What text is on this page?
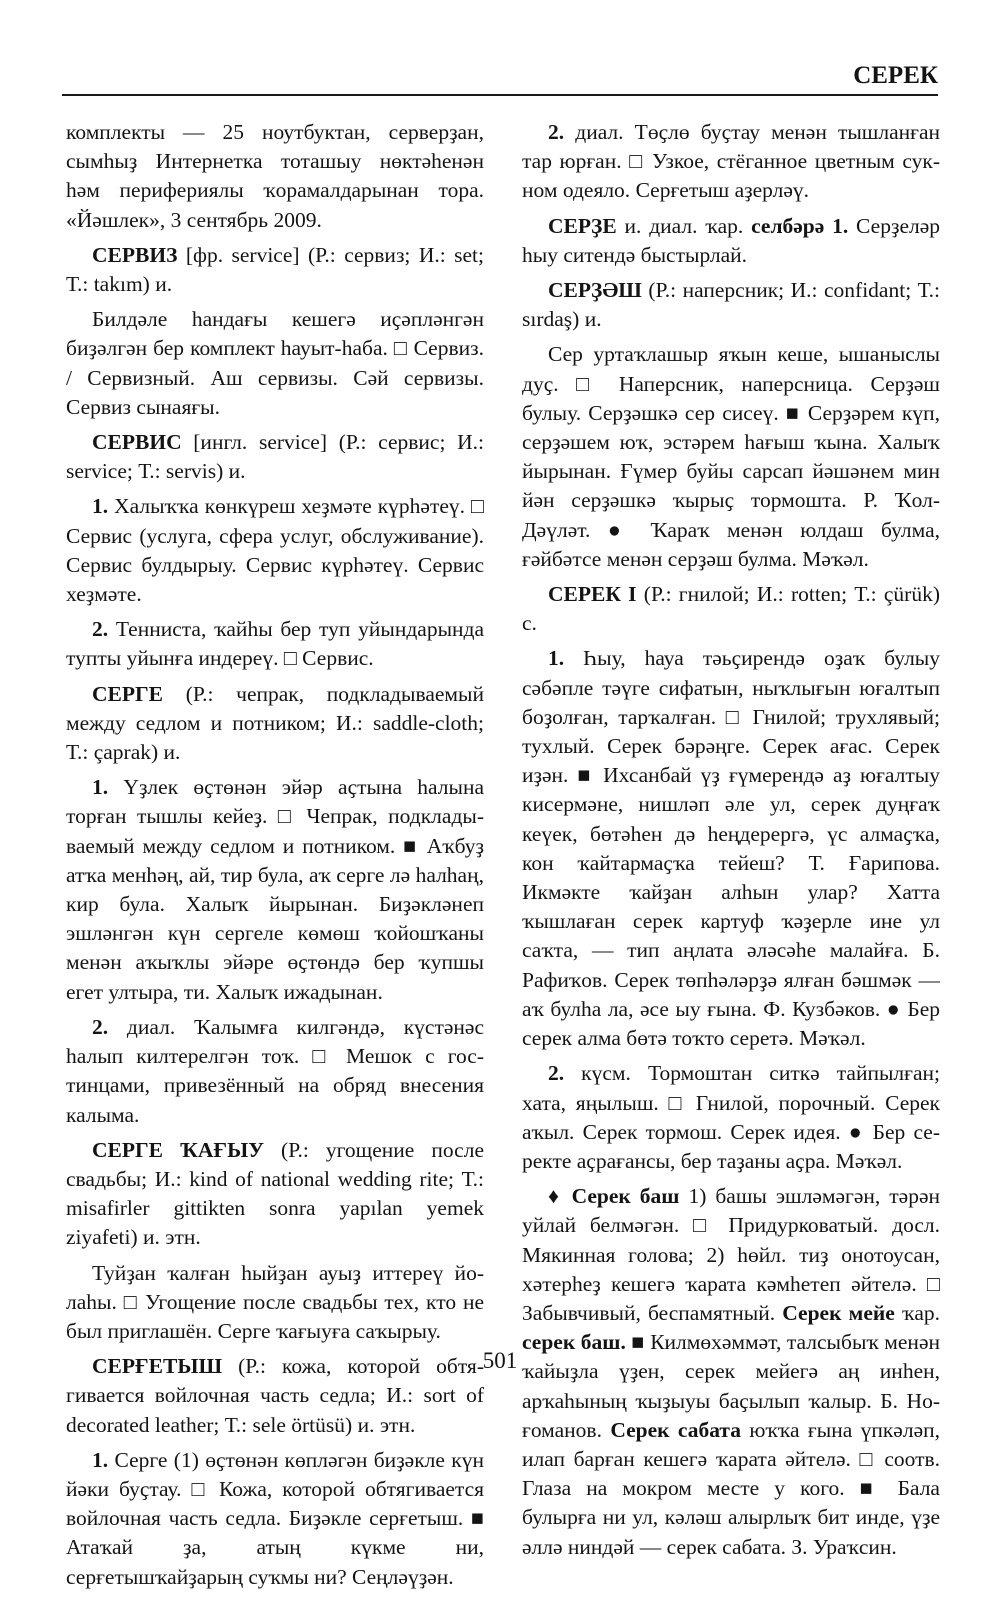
СЕРЕК

комплекты — 25 ноутбуктан, серверҙан, сымһыҙ Интернетка тоташыу нөктәһенән һәм перифериялы ҡорамалдарынан тора. «Йәшлек», 3 сентябрь 2009.

СЕРВИЗ [фр. service] (Р.: сервиз; И.: set; Т.: takım) и.

Билдәле һандағы кешегә иҫәпләнгән биҙәлгән бер комплект һауыт-һаба. □ Сервиз. / Сервизный. Аш сервизы. Сәй сервизы. Сервиз сынаяғы.

СЕРВИС [ингл. service] (Р.: сервис; И.: service; Т.: servis) и.

1. Халыҡҡа көнкүреш хеҙмәте күрһәтеү. □ Сервис (услуга, сфера услуг, обслуживание). Сервис булдырыу. Сервис күрһәтеү. Сервис хеҙмәте.

2. Тенниста, ҡайһы бер туп уйындарында тупты уйынға индереү. □ Сервис.

СЕРГЕ (Р.: чепрак, подкладываемый между седлом и потником; И.: saddle-cloth; Т.: çaprak) и.

1. Үҙлек өҫтөнән эйәр аҫтына һалына торған тышлы кейеҙ. □ Чепрак, подкладываемый между седлом и потником. ■ Аҡбуҙ атҡа менһәң, ай, тир була, аҡ серге лә һалһаң, кир була. Халыҡ йырынан. Биҙәкләнеп эшләнгән күн сергеле көмөш ҡойошҡаны менән аҡыҡлы эйәре өҫтөндә бер ҡупшы егет ултыра, ти. Халыҡ ижадынан.

2. диал. Ҡалымға килгәндә, күстәнәс һалып килтерелгән тоҡ. □ Мешок с гостинцами, привезённый на обряд внесения калыма.

СЕРГЕ ҠАҒЫУ (Р.: угощение после свадьбы; И.: kind of national wedding rite; Т.: misafirler gittikten sonra yapılan yemek ziyafeti) и. этн.

Туйҙан ҡалған һыйҙан ауыҙ иттереү йолаһы. □ Угощение после свадьбы тех, кто не был приглашён. Серге ҡағыуға саҡырыу.

СЕРҒЕТЫШ (Р.: кожа, которой обтягивается войлочная часть седла; И.: sort of decorated leather; Т.: sele örtüsü) и. этн.

1. Серге (1) өҫтөнән көпләгән биҙәкле күн йәки буҫтау. □ Кожа, которой обтягивается войлочная часть седла. Биҙәкле серғетыш. ■ Атаҡай ҙа, атың күкме ни, серғетышҡайҙарың суҡмы ни? Сеңләүҙән.

2. диал. Төҫлө буҫтау менән тышланған тар юрған. □ Узкое, стёганное цветным сукном одеяло. Серғетыш аҙерләү.

СЕРҘЕ и. диал. ҡар. селбәрә 1. Серҙеләр һыу ситендә быстырлай.

СЕРҘӘШ (Р.: наперсник; И.: confidant; Т.: sırdaş) и.

Сер уртаҡлашыр яҡын кеше, ышаныслы дуҫ. □ Наперсник, наперсница. Серҙәш булыу. Серҙәшкә сер сисеү. ■ Серҙәрем күп, серҙәшем юҡ, эстәрем һағыш ҡына. Халыҡ йырынан. Ғүмер буйы сарсап йәшәнем мин йән серҙәшкә ҡырыҫ тормошта. Р. Ҡол-Дәүләт. ● Ҡараҡ менән юлдаш булма, ғәйбәтсе менән серҙәш булма. Мәҡәл.

СЕРЕК I (Р.: гнилой; И.: rotten; Т.: çürük) с.

1. Һыу, һауа тәьҫирендә оҙаҡ булыу сәбәпле тәүге сифатын, ныҡлығын юғалтып боҙолған, тарҡалған. □ Гнилой; трухлявый; тухлый. Серек бәрәңге. Серек ағас. Серек иҙән. ■ Ихсанбай үҙ ғүмерендә аҙ юғалтыу кисермәне, нишләп әле ул, серек дуңғаҡ кеүек, бөтәһен дә һеңдерергә, үс алмаҫҡа, кон ҡайтармаҫҡа тейеш? Т. Ғарипова. Икмәкте ҡайҙан алһын улар? Хатта ҡышлаған серек картуф ҡәҙерле ине ул саҡта, — тип аңлата әләсәһе малайға. Б. Рафиҡов. Серек төпһәләрҙә ялған бәшмәк — аҡ булһа ла, әсе ыу ғына. Ф. Кузбәков. ● Бер серек алма бөтә тоҡто серетә. Мәҡәл.

2. күсм. Тормоштан ситкә тайпылған; хата, яңылыш. □ Гнилой, порочный. Серек аҡыл. Серек тормош. Серек идея. ● Бер серекте аҫрағансы, бер таҙаны аҫра. Мәҡәл.

♦ Серек баш 1) башы эшләмәгән, тәрән уйлай белмәгән. □ Придурковатый. досл. Мякинная голова; 2) һөйл. тиҙ онотоусан, хәтерһеҙ кешегә ҡарата кәмһетеп әйтелә. □ Забывчивый, беспамятный. Серек мейе ҡар. серек баш. ■ Килмөхәммәт, талсыбыҡ менән ҡайыҙла үҙен, серек мейегә аң инһен, арҡаһының ҡыҙыуы баҫылып ҡалыр. Б. Ноғоманов. Серек сабата юҡҡа ғына үпкәләп, илап барған кешегә ҡарата әйтелә. □ соотв. Глаза на мокром месте у кого. ■ Бала булырға ни ул, кәләш алырлыҡ бит инде, үҙе әллә ниндәй — серек сабата. З. Ураҡсин.

501
